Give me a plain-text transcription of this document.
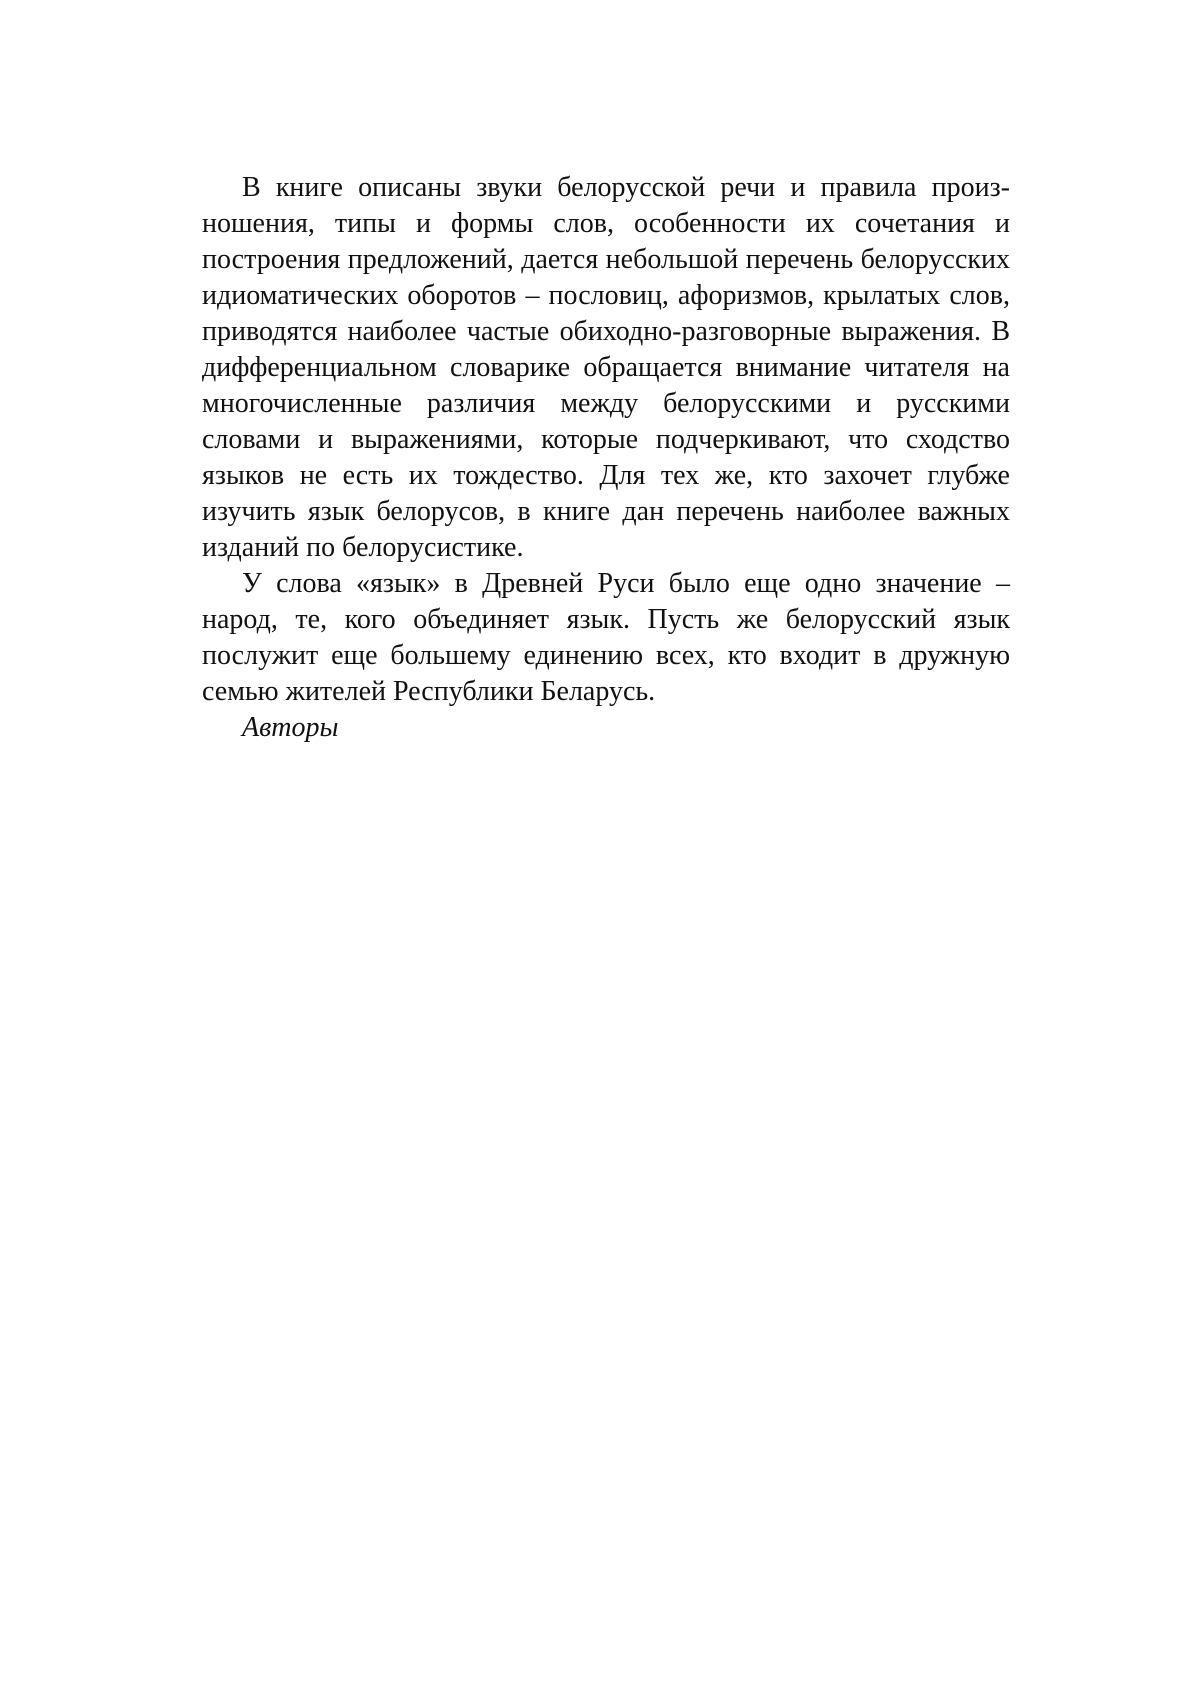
В книге описаны звуки белорусской речи и правила произношения, типы и формы слов, особенности их сочетания и построения предложений, дается небольшой перечень белорусских идиоматических оборотов – пословиц, афоризмов, крылатых слов, приводятся наиболее частые обиходно-разговорные выражения. В дифференциальном словарике обращается внимание читателя на многочисленные различия между белорусскими и русскими словами и выражениями, которые подчеркивают, что сходство языков не есть их тождество. Для тех же, кто захочет глубже изучить язык белорусов, в книге дан перечень наиболее важных изданий по белорусистике.

У слова «язык» в Древней Руси было еще одно значение – народ, те, кого объединяет язык. Пусть же белорусский язык послужит еще большему единению всех, кто входит в дружную семью жителей Республики Беларусь.

Авторы
